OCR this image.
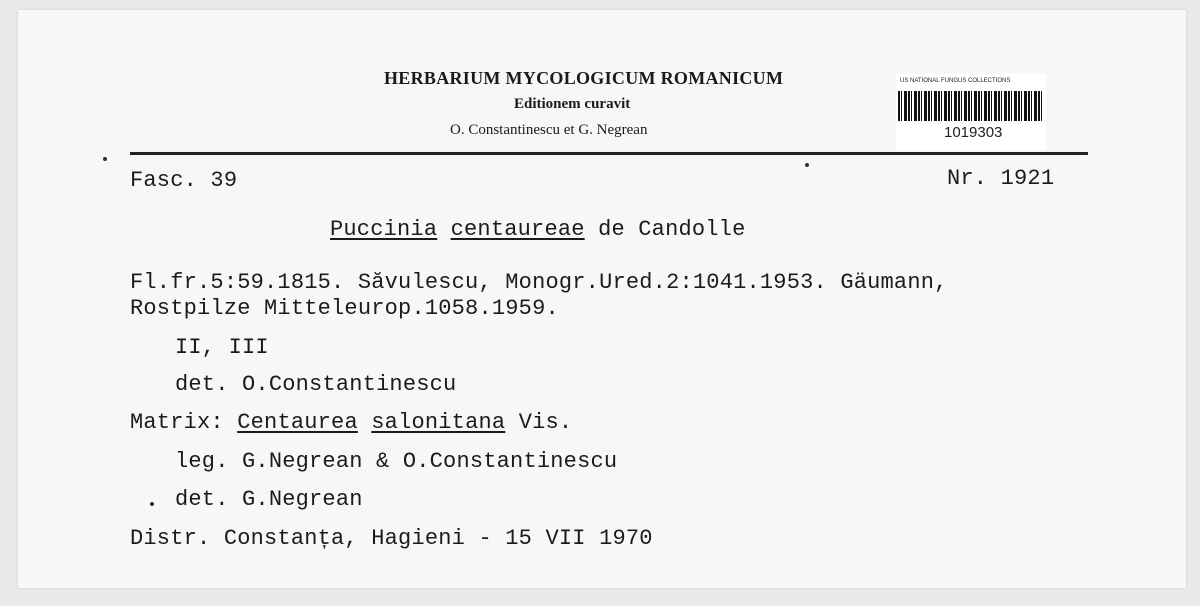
HERBARIUM MYCOLOGICUM ROMANICUM
Editionem curavit
O. Constantinescu et G. Negrean
US NATIONAL FUNGUS COLLECTIONS
1019303
Fasc. 39	Nr. 1921
Puccinia centaureae de Candolle
Fl.fr.5:59.1815. Săvulescu, Monogr.Ured.2:1041.1953. Gäumann,
Rostpilze Mitteleurop.1058.1959.
II, III
det. O.Constantinescu
Matrix: Centaurea salonitana Vis.
leg. G.Negrean & O.Constantinescu
det. G.Negrean
Distr. Constanța, Hagieni - 15 VII 1970
